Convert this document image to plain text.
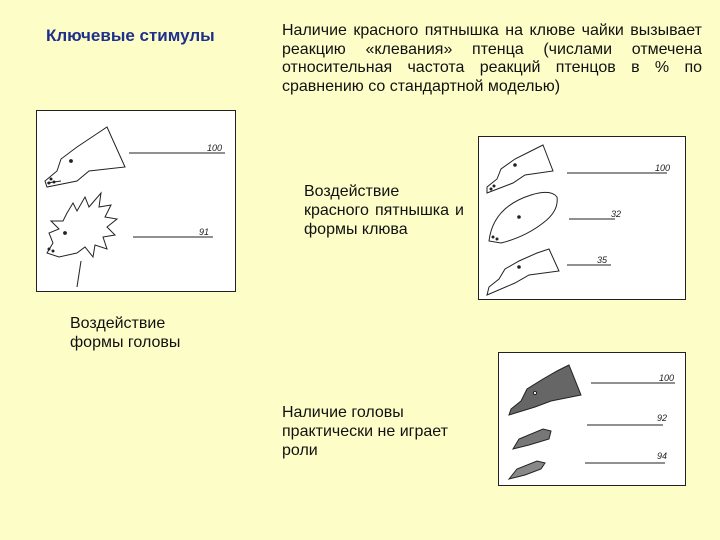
Ключевые стимулы	Наличие красного пятнышка на клюве чайки вызывает реакцию «клевания» птенца (числами отмечена относительная частота реакций птенцов в % по сравнению со стандартной моделью)
100
91
Воздействие формы головы
100
32
35
Воздействие красного пятнышка и формы клюва
100
92
94
Наличие головы практически не играет роли
